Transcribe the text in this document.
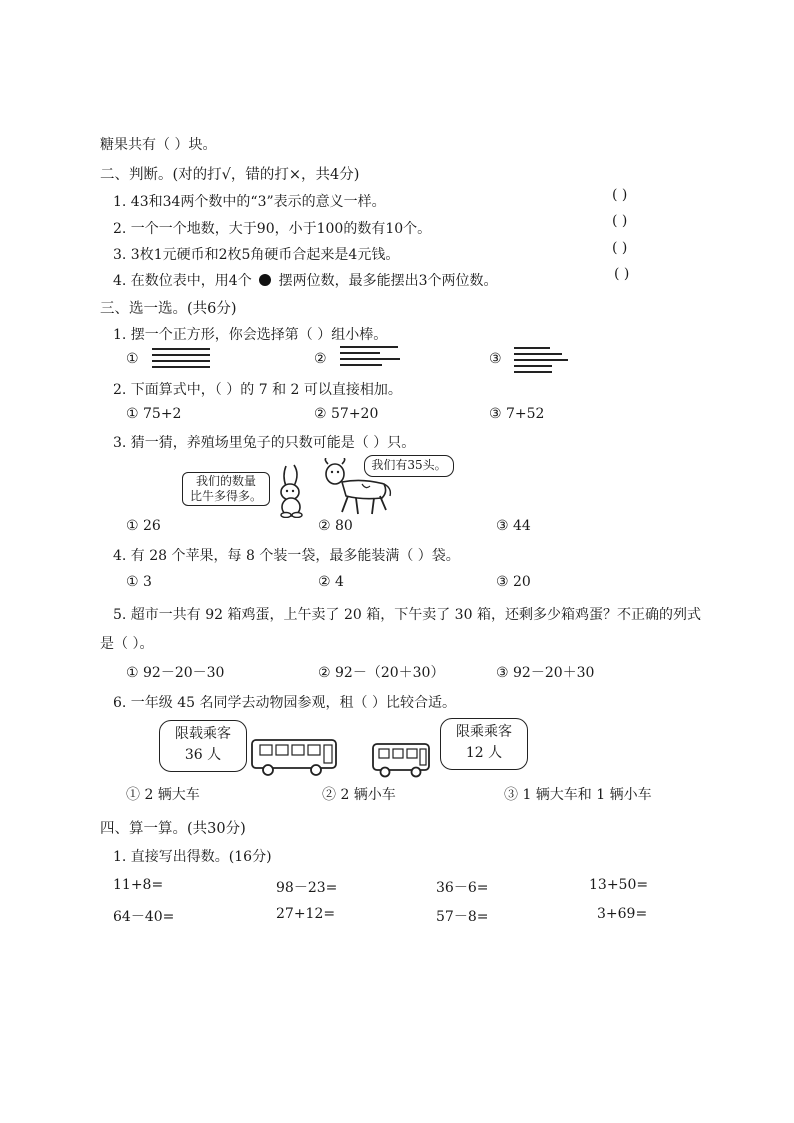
糖果共有（ ）块。
二、判断。(对的打√，错的打×，共4分)
1. 43和34两个数中的“3”表示的意义一样。	( )
2. 一个一个地数，大于90，小于100的数有10个。	( )
3. 3枚1元硬币和2枚5角硬币合起来是4元钱。	( )
4. 在数位表中，用4个 摆两位数，最多能摆出3个两位数。	( )
三、选一选。(共6分)
1. 摆一个正方形，你会选择第（ ）组小棒。
①	②	③
2. 下面算式中，（ ）的 7 和 2 可以直接相加。
① 75+2	② 57+20	③ 7+52
3. 猜一猜，养殖场里兔子的只数可能是（ ）只。
我们的数量
比牛多得多。
我们有35头。
① 26	② 80	③ 44
4. 有 28 个苹果，每 8 个装一袋，最多能装满（ ）袋。
① 3	② 4	③ 20
5. 超市一共有 92 箱鸡蛋，上午卖了 20 箱，下午卖了 30 箱，还剩多少箱鸡蛋？不正确的列式
是（ ）。
① 92－20－30	② 92－（20＋30）	③ 92－20＋30
6. 一年级 45 名同学去动物园参观，租（ ）比较合适。
限载乘客
36 人
限乘乘客
12 人
① 2 辆大车	② 2 辆小车	③ 1 辆大车和 1 辆小车
四、算一算。(共30分)
1. 直接写出得数。(16分)
11+8=	98－23=	36－6=	13+50=
64－40=	27+12=	57－8=	3+69=
